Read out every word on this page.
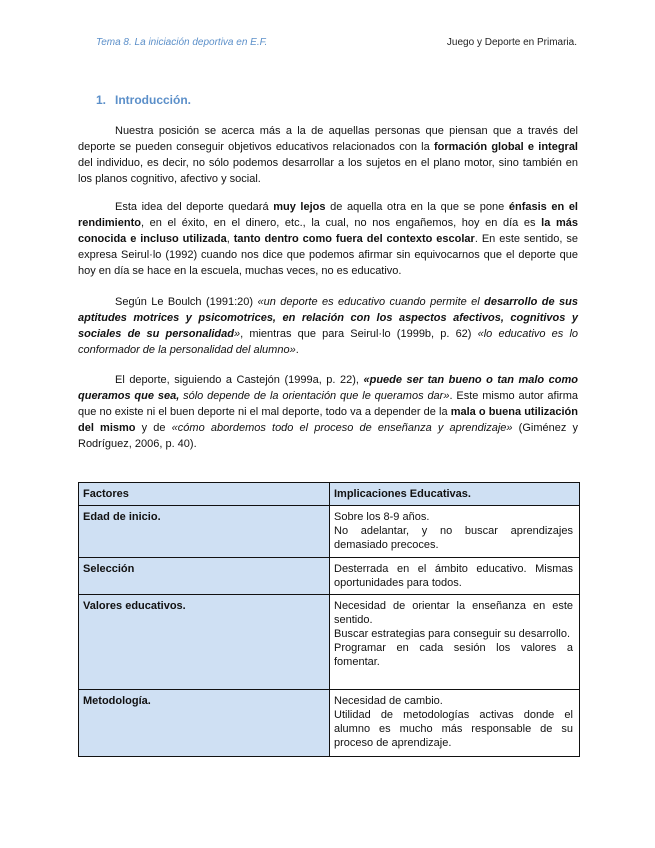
Tema 8. La iniciación deportiva en E.F.	Juego y Deporte en Primaria.
1. Introducción.

Nuestra posición se acerca más a la de aquellas personas que piensan que a través del deporte se pueden conseguir objetivos educativos relacionados con la formación global e integral del individuo, es decir, no sólo podemos desarrollar a los sujetos en el plano motor, sino también en los planos cognitivo, afectivo y social.

Esta idea del deporte quedará muy lejos de aquella otra en la que se pone énfasis en el rendimiento, en el éxito, en el dinero, etc., la cual, no nos engañemos, hoy en día es la más conocida e incluso utilizada, tanto dentro como fuera del contexto escolar. En este sentido, se expresa Seirul·lo (1992) cuando nos dice que podemos afirmar sin equivocarnos que el deporte que hoy en día se hace en la escuela, muchas veces, no es educativo.

Según Le Boulch (1991:20) «un deporte es educativo cuando permite el desarrollo de sus aptitudes motrices y psicomotrices, en relación con los aspectos afectivos, cognitivos y sociales de su personalidad», mientras que para Seirul·lo (1999b, p. 62) «lo educativo es lo conformador de la personalidad del alumno».

El deporte, siguiendo a Castejón (1999a, p. 22), «puede ser tan bueno o tan malo como queramos que sea, sólo depende de la orientación que le queramos dar». Este mismo autor afirma que no existe ni el buen deporte ni el mal deporte, todo va a depender de la mala o buena utilización del mismo y de «cómo abordemos todo el proceso de enseñanza y aprendizaje» (Giménez y Rodríguez, 2006, p. 40).

Factores	Implicaciones Educativas.
Edad de inicio.	Sobre los 8-9 años.
No adelantar, y no buscar aprendizajes demasiado precoces.

Selección	Desterrada en el ámbito educativo. Mismas oportunidades para todos.

Valores educativos.	Necesidad de orientar la enseñanza en este sentido.
Buscar estrategias para conseguir su desarrollo.
Programar en cada sesión los valores a fomentar.

Metodología.	Necesidad de cambio.
Utilidad de metodologías activas donde el alumno es mucho más responsable de su proceso de aprendizaje.
